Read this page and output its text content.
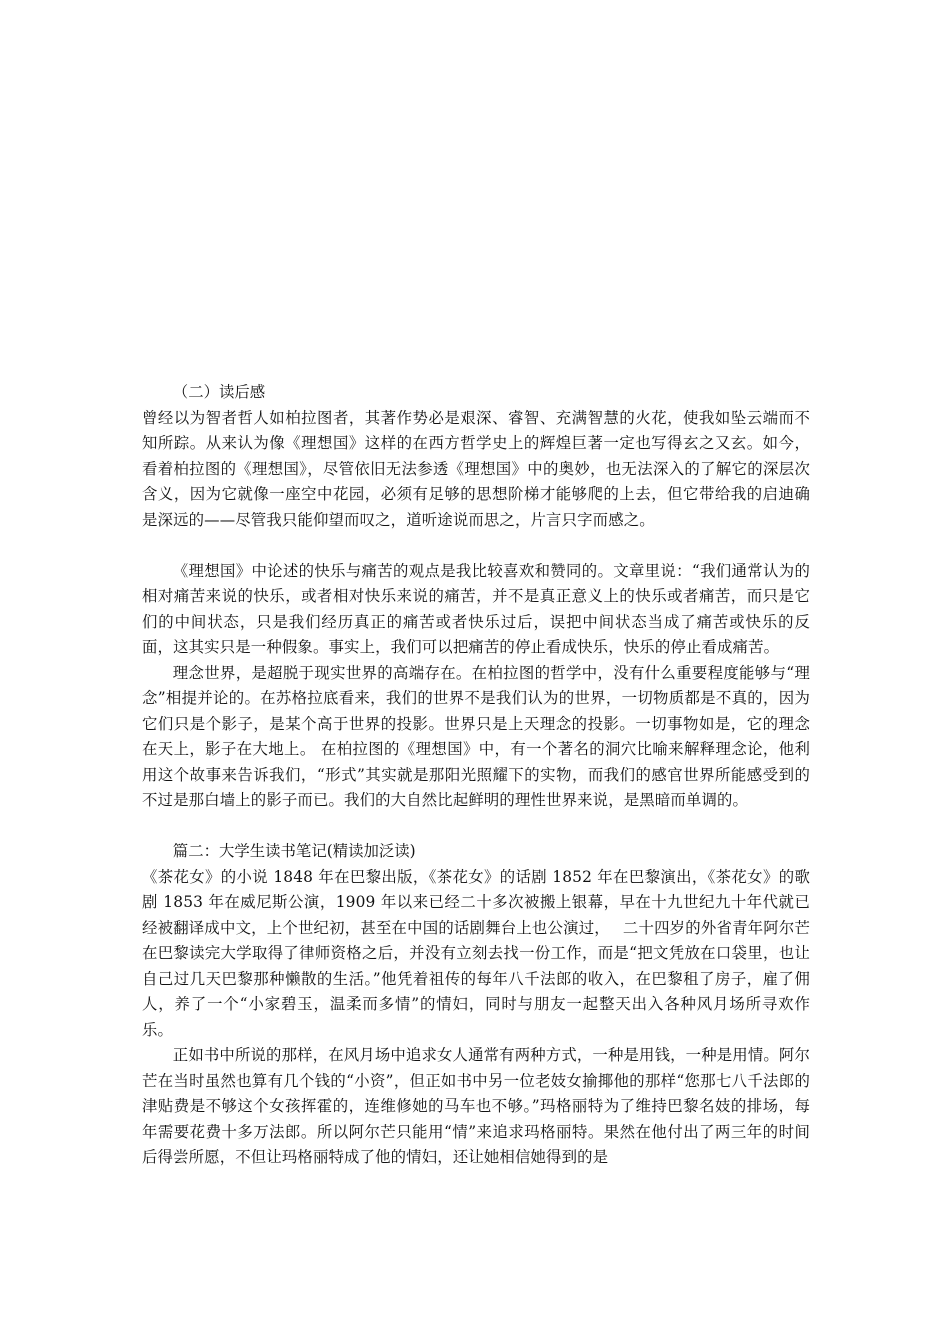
（二）读后感

曾经以为智者哲人如柏拉图者，其著作势必是艰深、睿智、充满智慧的火花，使我如坠云端而不知所踪。从来认为像《理想国》这样的在西方哲学史上的辉煌巨著一定也写得玄之又玄。如今，看着柏拉图的《理想国》，尽管依旧无法参透《理想国》中的奥妙，也无法深入的了解它的深层次含义，因为它就像一座空中花园，必须有足够的思想阶梯才能够爬的上去，但它带给我的启迪确是深远的——尽管我只能仰望而叹之，道听途说而思之，片言只字而感之。

《理想国》中论述的快乐与痛苦的观点是我比较喜欢和赞同的。文章里说：“我们通常认为的相对痛苦来说的快乐，或者相对快乐来说的痛苦，并不是真正意义上的快乐或者痛苦，而只是它们的中间状态，只是我们经历真正的痛苦或者快乐过后，误把中间状态当成了痛苦或快乐的反面，这其实只是一种假象。事实上，我们可以把痛苦的停止看成快乐，快乐的停止看成痛苦。

理念世界，是超脱于现实世界的高端存在。在柏拉图的哲学中，没有什么重要程度能够与“理念”相提并论的。在苏格拉底看来，我们的世界不是我们认为的世界，一切物质都是不真的，因为它们只是个影子，是某个高于世界的投影。世界只是上天理念的投影。一切事物如是，它的理念在天上，影子在大地上。 在柏拉图的《理想国》中，有一个著名的洞穴比喻来解释理念论，他利用这个故事来告诉我们，“形式”其实就是那阳光照耀下的实物，而我们的感官世界所能感受到的不过是那白墙上的影子而已。我们的大自然比起鲜明的理性世界来说，是黑暗而单调的。

篇二：大学生读书笔记(精读加泛读)

《茶花女》的小说 1848 年在巴黎出版，《茶花女》的话剧 1852 年在巴黎演出，《茶花女》的歌剧 1853 年在威尼斯公演，1909 年以来已经二十多次被搬上银幕，早在十九世纪九十年代就已经被翻译成中文，上个世纪初，甚至在中国的话剧舞台上也公演过，　 二十四岁的外省青年阿尔芒在巴黎读完大学取得了律师资格之后，并没有立刻去找一份工作，而是“把文凭放在口袋里，也让自己过几天巴黎那种懒散的生活。”他凭着祖传的每年八千法郎的收入，在巴黎租了房子，雇了佣人，养了一个“小家碧玉，温柔而多情”的情妇，同时与朋友一起整天出入各种风月场所寻欢作乐。

正如书中所说的那样，在风月场中追求女人通常有两种方式，一种是用钱，一种是用情。阿尔芒在当时虽然也算有几个钱的“小资”，但正如书中另一位老妓女揄揶他的那样“您那七八千法郎的津贴费是不够这个女孩挥霍的，连维修她的马车也不够。”玛格丽特为了维持巴黎名妓的排场，每年需要花费十多万法郎。所以阿尔芒只能用“情”来追求玛格丽特。果然在他付出了两三年的时间后得尝所愿，不但让玛格丽特成了他的情妇，还让她相信她得到的是
